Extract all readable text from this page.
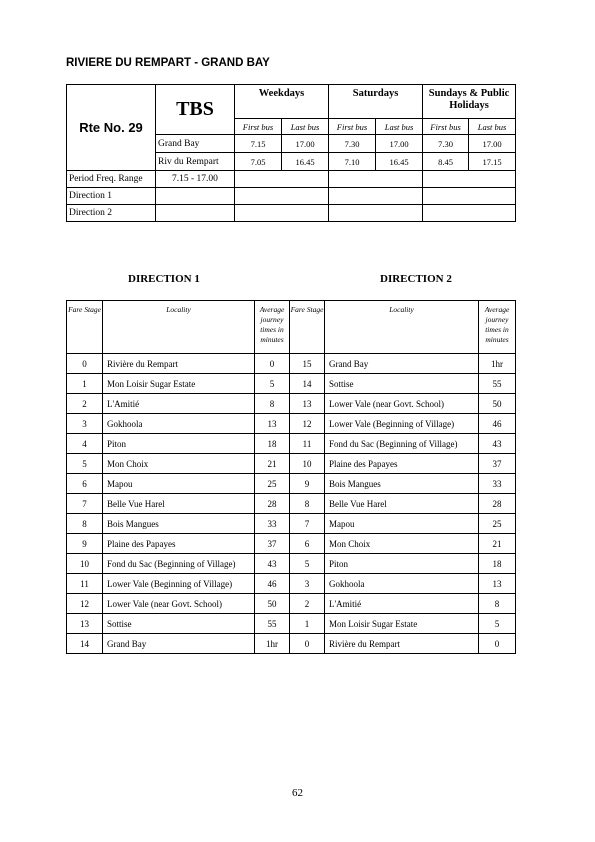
RIVIERE DU REMPART - GRAND BAY
Rte No. 29	TBS	Weekdays		Saturdays		Sundays & Public Holidays	
		First bus	Last bus	First bus	Last bus	First bus	Last bus
	Grand Bay	7.15	17.00	7.30	17.00	7.30	17.00
	Riv du Rempart	7.05	16.45	7.10	16.45	8.45	17.15
Period Freq. Range	7.15 - 17.00						
Direction 1							
Direction 2							
DIRECTION 1	DIRECTION 2
Fare Stage	Locality	Average journey times in minutes	Fare Stage	Locality	Average journey times in minutes
0	Rivière du Rempart	0	15	Grand Bay	1hr
1	Mon Loisir Sugar Estate	5	14	Sottise	55
2	L'Amitié	8	13	Lower Vale (near Govt. School)	50
3	Gokhoola	13	12	Lower Vale (Beginning of Village)	46
4	Piton	18	11	Fond du Sac (Beginning of Village)	43
5	Mon Choix	21	10	Plaine des Papayes	37
6	Mapou	25	9	Bois Mangues	33
7	Belle Vue Harel	28	8	Belle Vue Harel	28
8	Bois Mangues	33	7	Mapou	25
9	Plaine des Papayes	37	6	Mon Choix	21
10	Fond du Sac (Beginning of Village)	43	5	Piton	18
11	Lower Vale (Beginning of Village)	46	3	Gokhoola	13
12	Lower Vale (near Govt. School)	50	2	L'Amitié	8
13	Sottise	55	1	Mon Loisir Sugar Estate	5
14	Grand Bay	1hr	0	Rivière du Rempart	0
62
